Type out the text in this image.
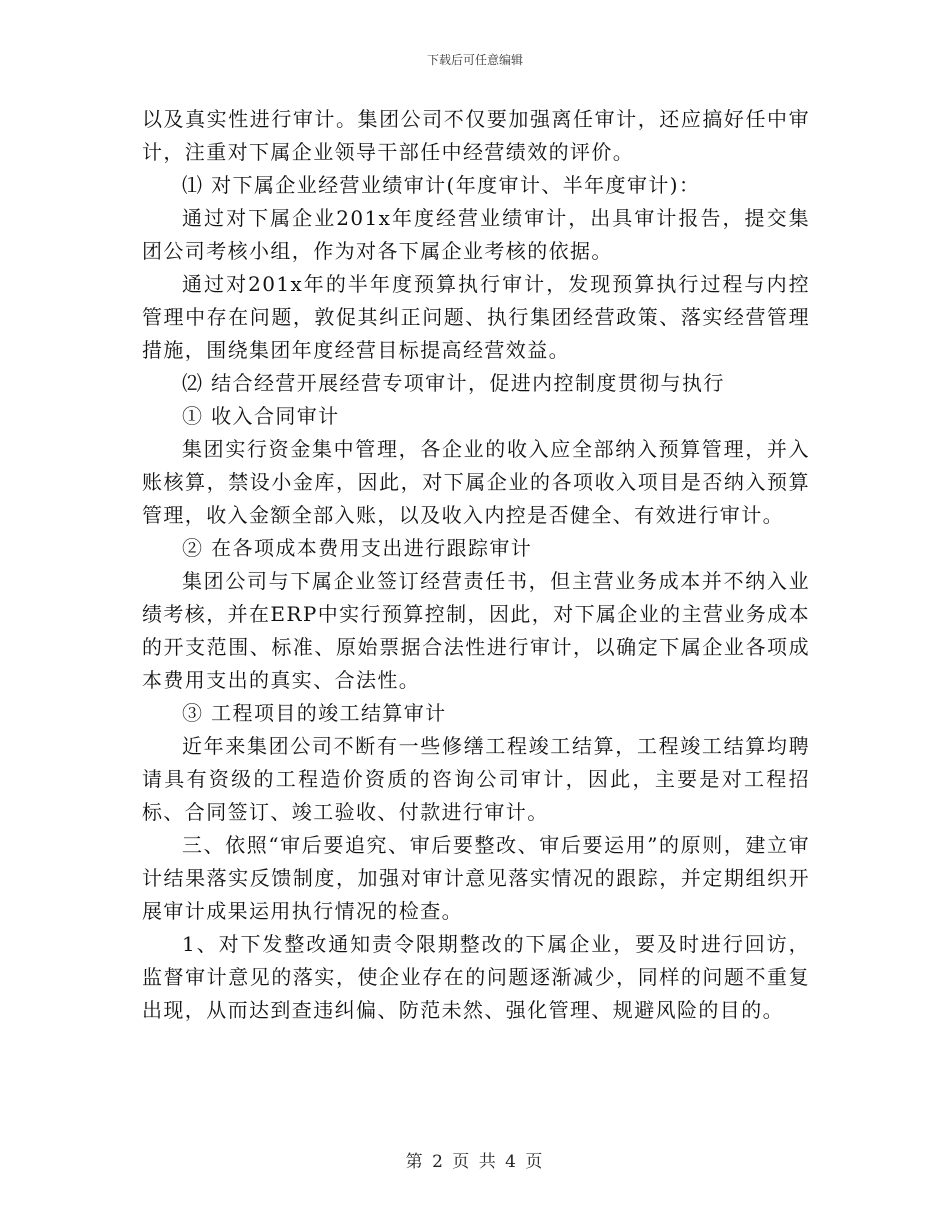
下载后可任意编辑

以及真实性进行审计。集团公司不仅要加强离任审计，还应搞好任中审计，注重对下属企业领导干部任中经营绩效的评价。

⑴ 对下属企业经营业绩审计(年度审计、半年度审计)：

通过对下属企业201x年度经营业绩审计，出具审计报告，提交集团公司考核小组，作为对各下属企业考核的依据。

通过对201x年的半年度预算执行审计，发现预算执行过程与内控管理中存在问题，敦促其纠正问题、执行集团经营政策、落实经营管理措施，围绕集团年度经营目标提高经营效益。

⑵ 结合经营开展经营专项审计，促进内控制度贯彻与执行

① 收入合同审计

集团实行资金集中管理，各企业的收入应全部纳入预算管理，并入账核算，禁设小金库，因此，对下属企业的各项收入项目是否纳入预算管理，收入金额全部入账，以及收入内控是否健全、有效进行审计。

② 在各项成本费用支出进行跟踪审计

集团公司与下属企业签订经营责任书，但主营业务成本并不纳入业绩考核，并在ERP中实行预算控制，因此，对下属企业的主营业务成本的开支范围、标准、原始票据合法性进行审计，以确定下属企业各项成本费用支出的真实、合法性。

③ 工程项目的竣工结算审计

近年来集团公司不断有一些修缮工程竣工结算，工程竣工结算均聘请具有资级的工程造价资质的咨询公司审计，因此，主要是对工程招标、合同签订、竣工验收、付款进行审计。

三、依照“审后要追究、审后要整改、审后要运用”的原则，建立审计结果落实反馈制度，加强对审计意见落实情况的跟踪，并定期组织开展审计成果运用执行情况的检查。

1、对下发整改通知责令限期整改的下属企业，要及时进行回访，监督审计意见的落实，使企业存在的问题逐渐减少，同样的问题不重复出现，从而达到查违纠偏、防范未然、强化管理、规避风险的目的。

第 2 页 共 4 页
